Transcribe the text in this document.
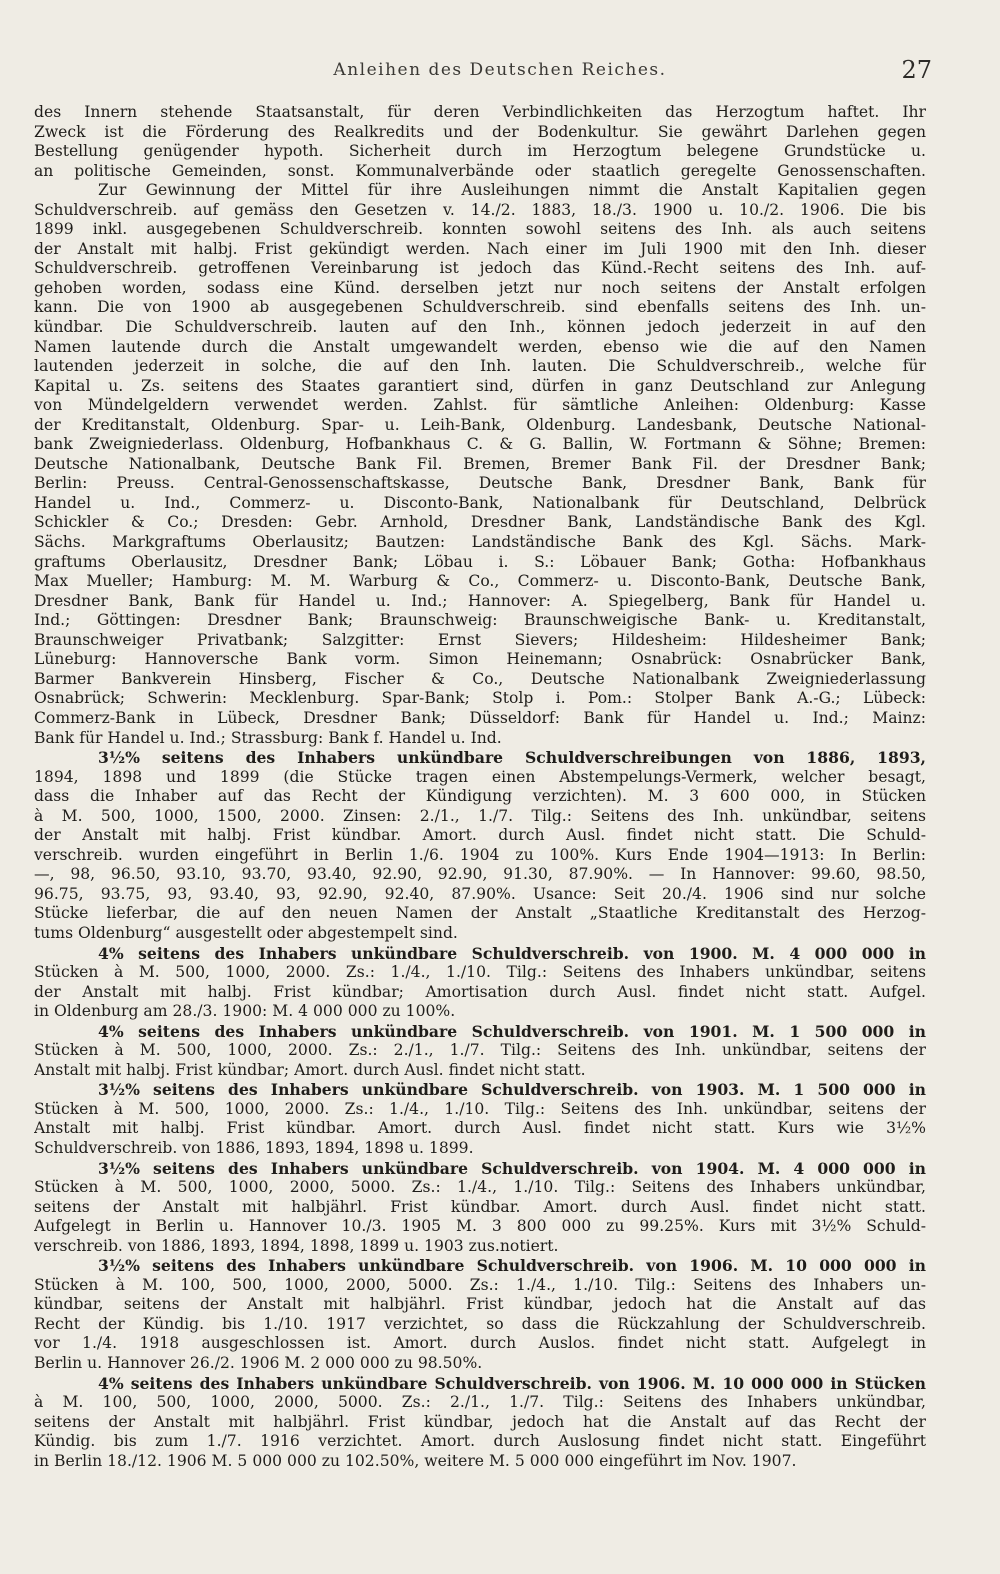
Anleihen des Deutschen Reiches.	27
des Innern stehende Staatsanstalt, für deren Verbindlichkeiten das Herzogtum haftet. Ihr
Zweck ist die Förderung des Realkredits und der Bodenkultur. Sie gewährt Darlehen gegen
Bestellung genügender hypoth. Sicherheit durch im Herzogtum belegene Grundstücke u.
an politische Gemeinden, sonst. Kommunalverbände oder staatlich geregelte Genossenschaften.
Zur Gewinnung der Mittel für ihre Ausleihungen nimmt die Anstalt Kapitalien gegen
Schuldverschreib. auf gemäss den Gesetzen v. 14./2. 1883, 18./3. 1900 u. 10./2. 1906. Die bis
1899 inkl. ausgegebenen Schuldverschreib. konnten sowohl seitens des Inh. als auch seitens
der Anstalt mit halbj. Frist gekündigt werden. Nach einer im Juli 1900 mit den Inh. dieser
Schuldverschreib. getroffenen Vereinbarung ist jedoch das Künd.-Recht seitens des Inh. auf-
gehoben worden, sodass eine Künd. derselben jetzt nur noch seitens der Anstalt erfolgen
kann. Die von 1900 ab ausgegebenen Schuldverschreib. sind ebenfalls seitens des Inh. un-
kündbar. Die Schuldverschreib. lauten auf den Inh., können jedoch jederzeit in auf den
Namen lautende durch die Anstalt umgewandelt werden, ebenso wie die auf den Namen
lautenden jederzeit in solche, die auf den Inh. lauten. Die Schuldverschreib., welche für
Kapital u. Zs. seitens des Staates garantiert sind, dürfen in ganz Deutschland zur Anlegung
von Mündelgeldern verwendet werden. Zahlst. für sämtliche Anleihen: Oldenburg: Kasse
der Kreditanstalt, Oldenburg. Spar- u. Leih-Bank, Oldenburg. Landesbank, Deutsche National-
bank Zweigniederlass. Oldenburg, Hofbankhaus C. & G. Ballin, W. Fortmann & Söhne; Bremen:
Deutsche Nationalbank, Deutsche Bank Fil. Bremen, Bremer Bank Fil. der Dresdner Bank;
Berlin: Preuss. Central-Genossenschaftskasse, Deutsche Bank, Dresdner Bank, Bank für
Handel u. Ind., Commerz- u. Disconto-Bank, Nationalbank für Deutschland, Delbrück
Schickler & Co.; Dresden: Gebr. Arnhold, Dresdner Bank, Landständische Bank des Kgl.
Sächs. Markgraftums Oberlausitz; Bautzen: Landständische Bank des Kgl. Sächs. Mark-
graftums Oberlausitz, Dresdner Bank; Löbau i. S.: Löbauer Bank; Gotha: Hofbankhaus
Max Mueller; Hamburg: M. M. Warburg & Co., Commerz- u. Disconto-Bank, Deutsche Bank,
Dresdner Bank, Bank für Handel u. Ind.; Hannover: A. Spiegelberg, Bank für Handel u.
Ind.; Göttingen: Dresdner Bank; Braunschweig: Braunschweigische Bank- u. Kreditanstalt,
Braunschweiger Privatbank; Salzgitter: Ernst Sievers; Hildesheim: Hildesheimer Bank;
Lüneburg: Hannoversche Bank vorm. Simon Heinemann; Osnabrück: Osnabrücker Bank,
Barmer Bankverein Hinsberg, Fischer & Co., Deutsche Nationalbank Zweigniederlassung
Osnabrück; Schwerin: Mecklenburg. Spar-Bank; Stolp i. Pom.: Stolper Bank A.-G.; Lübeck:
Commerz-Bank in Lübeck, Dresdner Bank; Düsseldorf: Bank für Handel u. Ind.; Mainz:
Bank für Handel u. Ind.; Strassburg: Bank f. Handel u. Ind.
3½% seitens des Inhabers unkündbare Schuldverschreibungen von 1886, 1893,
1894, 1898 und 1899 (die Stücke tragen einen Abstempelungs-Vermerk, welcher besagt,
dass die Inhaber auf das Recht der Kündigung verzichten). M. 3 600 000, in Stücken
à M. 500, 1000, 1500, 2000. Zinsen: 2./1., 1./7. Tilg.: Seitens des Inh. unkündbar, seitens
der Anstalt mit halbj. Frist kündbar. Amort. durch Ausl. findet nicht statt. Die Schuld-
verschreib. wurden eingeführt in Berlin 1./6. 1904 zu 100%. Kurs Ende 1904—1913: In Berlin:
—, 98, 96.50, 93.10, 93.70, 93.40, 92.90, 92.90, 91.30, 87.90%. — In Hannover: 99.60, 98.50,
96.75, 93.75, 93, 93.40, 93, 92.90, 92.40, 87.90%. Usance: Seit 20./4. 1906 sind nur solche
Stücke lieferbar, die auf den neuen Namen der Anstalt „Staatliche Kreditanstalt des Herzog-
tums Oldenburg“ ausgestellt oder abgestempelt sind.
4% seitens des Inhabers unkündbare Schuldverschreib. von 1900. M. 4 000 000 in
Stücken à M. 500, 1000, 2000. Zs.: 1./4., 1./10. Tilg.: Seitens des Inhabers unkündbar, seitens
der Anstalt mit halbj. Frist kündbar; Amortisation durch Ausl. findet nicht statt. Aufgel.
in Oldenburg am 28./3. 1900: M. 4 000 000 zu 100%.
4% seitens des Inhabers unkündbare Schuldverschreib. von 1901. M. 1 500 000 in
Stücken à M. 500, 1000, 2000. Zs.: 2./1., 1./7. Tilg.: Seitens des Inh. unkündbar, seitens der
Anstalt mit halbj. Frist kündbar; Amort. durch Ausl. findet nicht statt.
3½% seitens des Inhabers unkündbare Schuldverschreib. von 1903. M. 1 500 000 in
Stücken à M. 500, 1000, 2000. Zs.: 1./4., 1./10. Tilg.: Seitens des Inh. unkündbar, seitens der
Anstalt mit halbj. Frist kündbar. Amort. durch Ausl. findet nicht statt. Kurs wie 3½%
Schuldverschreib. von 1886, 1893, 1894, 1898 u. 1899.
3½% seitens des Inhabers unkündbare Schuldverschreib. von 1904. M. 4 000 000 in
Stücken à M. 500, 1000, 2000, 5000. Zs.: 1./4., 1./10. Tilg.: Seitens des Inhabers unkündbar,
seitens der Anstalt mit halbjährl. Frist kündbar. Amort. durch Ausl. findet nicht statt.
Aufgelegt in Berlin u. Hannover 10./3. 1905 M. 3 800 000 zu 99.25%. Kurs mit 3½% Schuld-
verschreib. von 1886, 1893, 1894, 1898, 1899 u. 1903 zus.notiert.
3½% seitens des Inhabers unkündbare Schuldverschreib. von 1906. M. 10 000 000 in
Stücken à M. 100, 500, 1000, 2000, 5000. Zs.: 1./4., 1./10. Tilg.: Seitens des Inhabers un-
kündbar, seitens der Anstalt mit halbjährl. Frist kündbar, jedoch hat die Anstalt auf das
Recht der Kündig. bis 1./10. 1917 verzichtet, so dass die Rückzahlung der Schuldverschreib.
vor 1./4. 1918 ausgeschlossen ist. Amort. durch Auslos. findet nicht statt. Aufgelegt in
Berlin u. Hannover 26./2. 1906 M. 2 000 000 zu 98.50%.
4% seitens des Inhabers unkündbare Schuldverschreib. von 1906. M. 10 000 000 in Stücken
à M. 100, 500, 1000, 2000, 5000. Zs.: 2./1., 1./7. Tilg.: Seitens des Inhabers unkündbar,
seitens der Anstalt mit halbjährl. Frist kündbar, jedoch hat die Anstalt auf das Recht der
Kündig. bis zum 1./7. 1916 verzichtet. Amort. durch Auslosung findet nicht statt. Eingeführt
in Berlin 18./12. 1906 M. 5 000 000 zu 102.50%, weitere M. 5 000 000 eingeführt im Nov. 1907.
